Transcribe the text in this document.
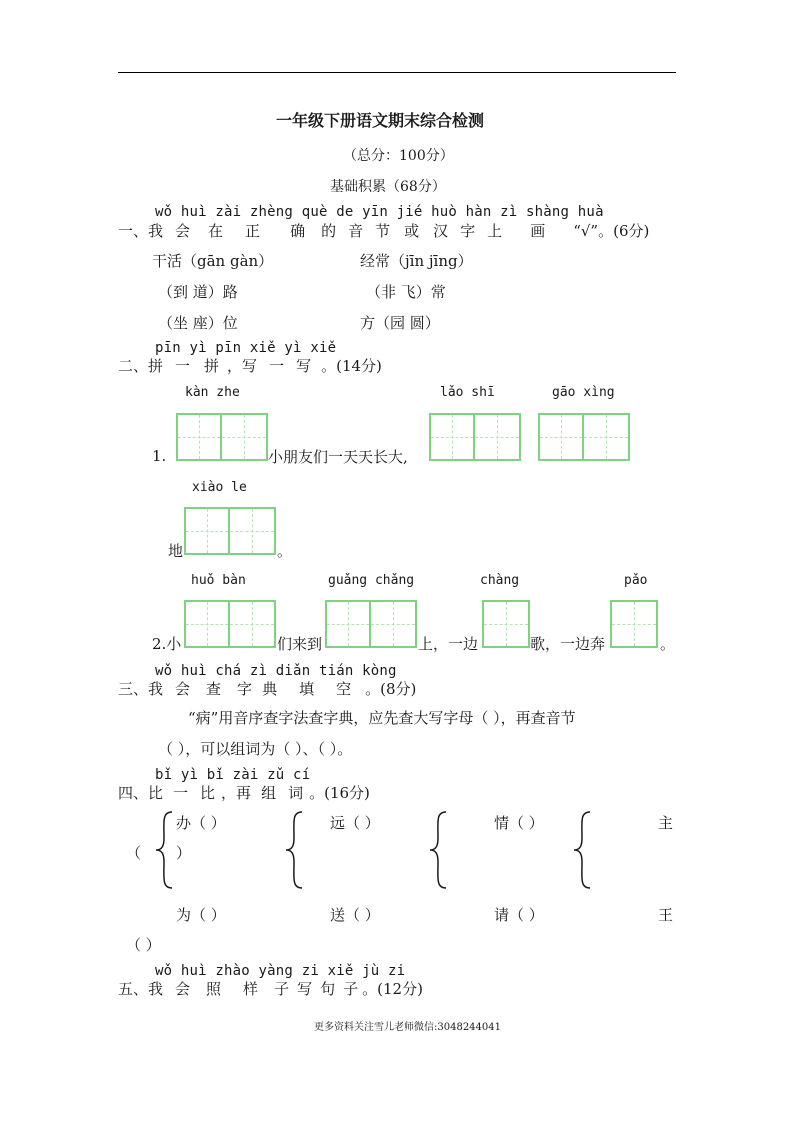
一年级下册语文期末综合检测
（总分：100分）
基础积累（68分）
wǒ huì zài zhèng què de yīn jié huò hàn zì shàng huà
一、我 会 在 正 确 的 音 节 或 汉 字 上 画 “√”。(6分)
干活（gān gàn）	经常（jīn jīng）
（到 道）路	（非 飞）常
（坐 座）位	方（园 圆）
pīn yì pīn xiě yì xiě
二、拼 一 拼 ，写 一 写 。(14分)
kàn zhe	lǎo shī	gāo xìng
1.	小朋友们一天天长大,
xiào le
地	。
huǒ bàn	guǎng chǎng	chàng	pǎo
2.小	们来到	上，一边	歌，一边奔	。
wǒ huì chá zì diǎn tián kòng
三、我 会 查 字 典 填 空 。(8分)
“病”用音序查字法查字典，应先查大写字母（ ），再查音节
（ ），可以组词为（ ）、（ ）。
bǐ yì bǐ zài zǔ cí
四、比 一 比 ，再 组 词 。(16分)
办（ ）	远（ ）	情（ ）	主
（ ）
为（ ）	送（ ）	请（ ）	王
（ ）
wǒ huì zhào yàng zi xiě jù zi
五、我 会 照 样 子 写 句 子 。(12分)
更多资料关注雪儿老师微信:3048244041
